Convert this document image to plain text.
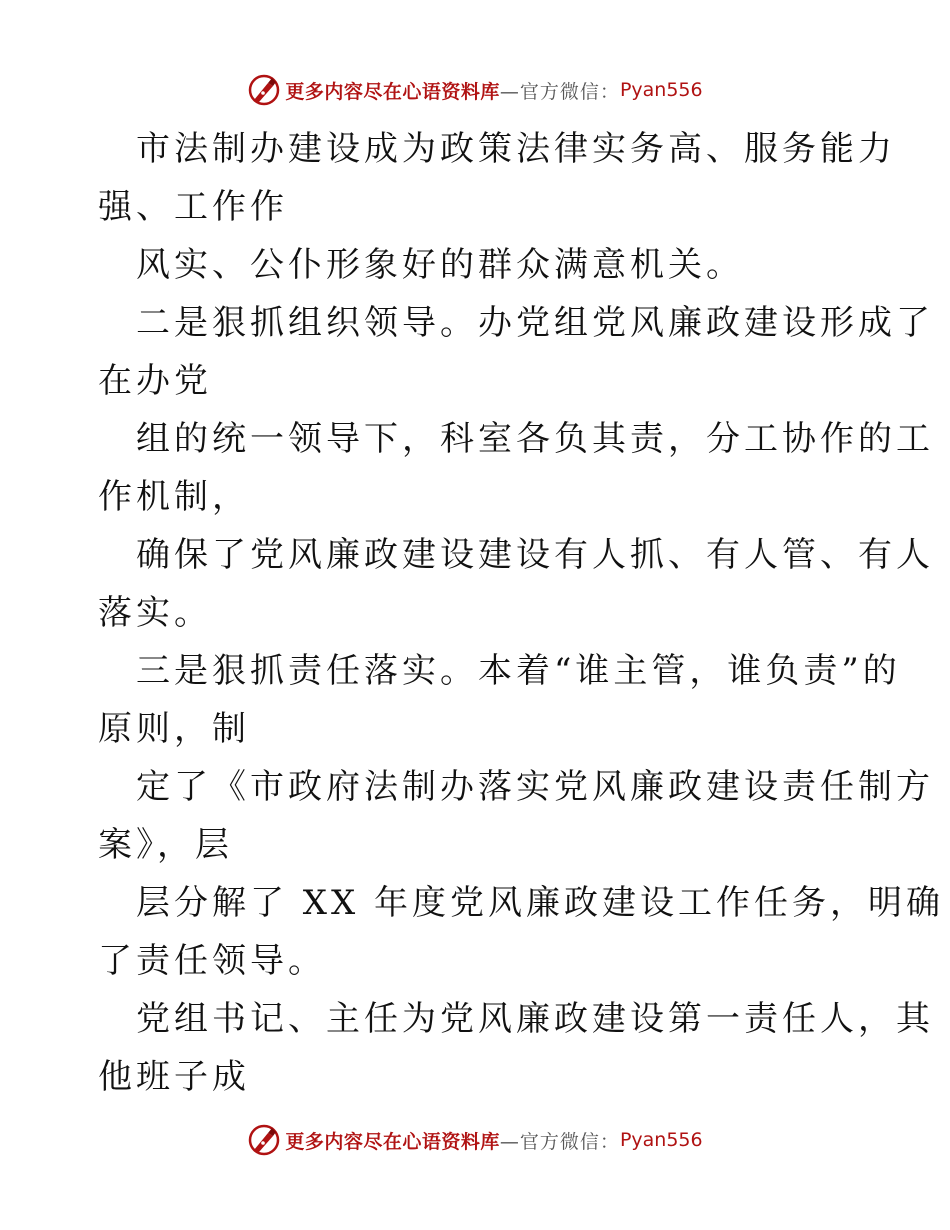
更多内容尽在心语资料库 —官方微信： Pyan556
市法制办建设成为政策法律实务高、服务能力
强、工作作
风实、公仆形象好的群众满意机关。
二是狠抓组织领导。办党组党风廉政建设形成了
在办党
组的统一领导下，科室各负其责，分工协作的工
作机制，
确保了党风廉政建设建设有人抓、有人管、有人
落实。
三是狠抓责任落实。本着“谁主管，谁负责”的
原则，制
定了《市政府法制办落实党风廉政建设责任制方
案》，层
层分解了 XX 年度党风廉政建设工作任务，明确
了责任领导。
党组书记、主任为党风廉政建设第一责任人，其
他班子成
更多内容尽在心语资料库 —官方微信： Pyan556
